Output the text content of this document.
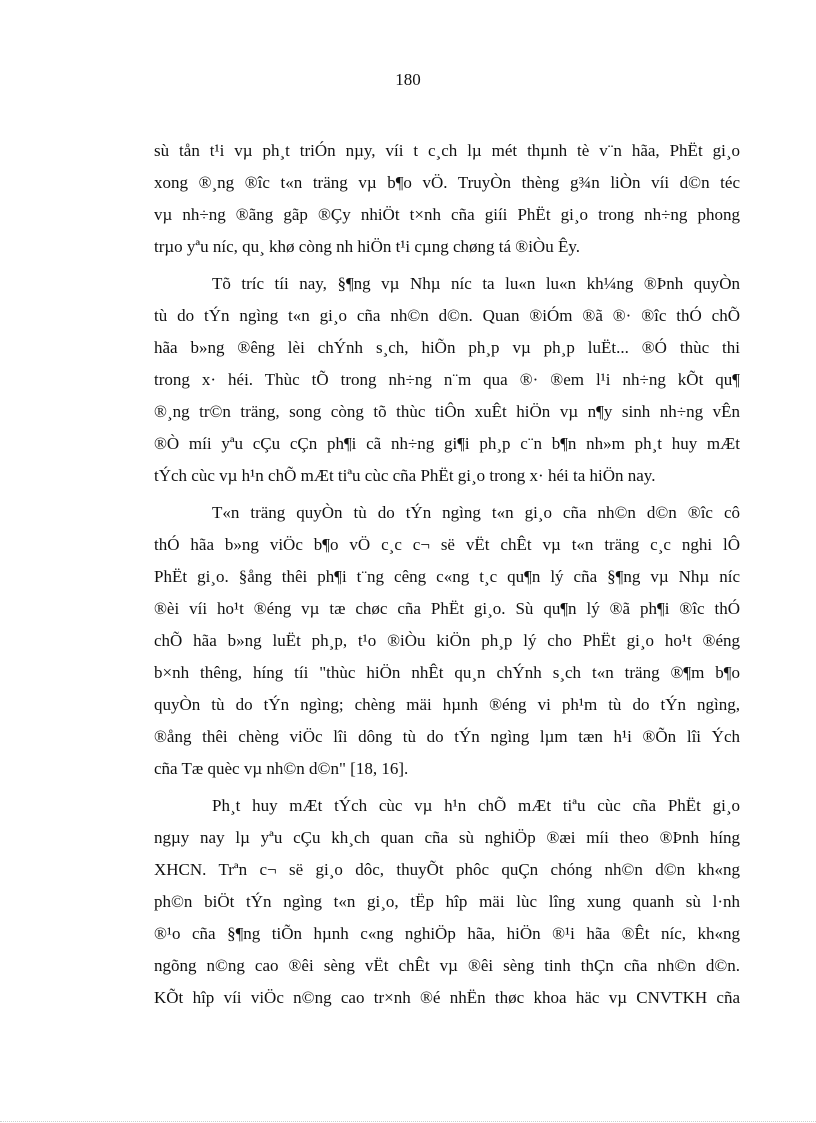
180
sù tån t¹i vµ ph¸t triÓn nµy, víi t c¸ch lµ mét thµnh tè v¨n hãa, PhËt gi¸o
xong ®¸ng ®îc t«n träng vµ b¶o vÖ. TruyÒn thèng g¾n liÒn víi d©n téc
vµ nh÷ng ®ãng gãp ®Çy nhiÖt t×nh cña giíi PhËt gi¸o trong nh÷ng phong
trµo yªu níc, qu¸ khø còng nh hiÖn t¹i cµng chøng tá ®iÒu Êy.
Tõ tríc tíi nay, §¶ng vµ Nhµ níc ta lu«n lu«n kh¼ng ®Þnh quyÒn
tù do tÝn ngìng t«n gi¸o cña nh©n d©n. Quan ®iÓm ®ã ®· ®îc thÓ chÕ
hãa b»ng ®êng lèi chÝnh s¸ch, hiÕn ph¸p vµ ph¸p luËt... ®Ó thùc thi
trong x· héi. Thùc tÕ trong nh÷ng n¨m qua ®· ®em l¹i nh÷ng kÕt qu¶
®¸ng tr©n träng, song còng tõ thùc tiÔn xuÊt hiÖn vµ n¶y sinh nh÷ng vÊn
®Ò míi yªu cÇu cÇn ph¶i cã nh÷ng gi¶i ph¸p c¨n b¶n nh»m ph¸t huy mÆt
tÝch cùc vµ h¹n chÕ mÆt tiªu cùc cña PhËt gi¸o trong x· héi ta hiÖn nay.
T«n träng quyÒn tù do tÝn ngìng t«n gi¸o cña nh©n d©n ®îc cô
thÓ hãa b»ng viÖc b¶o vÖ c¸c c¬ së vËt chÊt vµ t«n träng c¸c nghi lÔ
PhËt gi¸o. §ång thêi ph¶i t¨ng cêng c«ng t¸c qu¶n lý cña §¶ng vµ Nhµ níc
®èi víi ho¹t ®éng vµ tæ chøc cña PhËt gi¸o. Sù qu¶n lý ®ã ph¶i ®îc thÓ
chÕ hãa b»ng luËt ph¸p, t¹o ®iÒu kiÖn ph¸p lý cho PhËt gi¸o ho¹t ®éng
b×nh thêng, híng tíi "thùc hiÖn nhÊt qu¸n chÝnh s¸ch t«n träng ®¶m b¶o
quyÒn tù do tÝn ngìng; chèng mäi hµnh ®éng vi ph¹m tù do tÝn ngìng,
®ång thêi chèng viÖc lîi dông tù do tÝn ngìng lµm tæn h¹i ®Õn lîi Ých
cña Tæ quèc vµ nh©n d©n" [18, 16].
Ph¸t huy mÆt tÝch cùc vµ h¹n chÕ mÆt tiªu cùc cña PhËt gi¸o
ngµy nay lµ yªu cÇu kh¸ch quan cña sù nghiÖp ®æi míi theo ®Þnh híng
XHCN. Trªn c¬ së gi¸o dôc, thuyÕt phôc quÇn chóng nh©n d©n kh«ng
ph©n biÖt tÝn ngìng t«n gi¸o, tËp hîp mäi lùc lîng xung quanh sù l·nh
®¹o cña §¶ng tiÕn hµnh c«ng nghiÖp hãa, hiÖn ®¹i hãa ®Êt níc, kh«ng
ngõng n©ng cao ®êi sèng vËt chÊt vµ ®êi sèng tinh thÇn cña nh©n d©n.
KÕt hîp víi viÖc n©ng cao tr×nh ®é nhËn thøc khoa häc vµ CNVTKH cña
